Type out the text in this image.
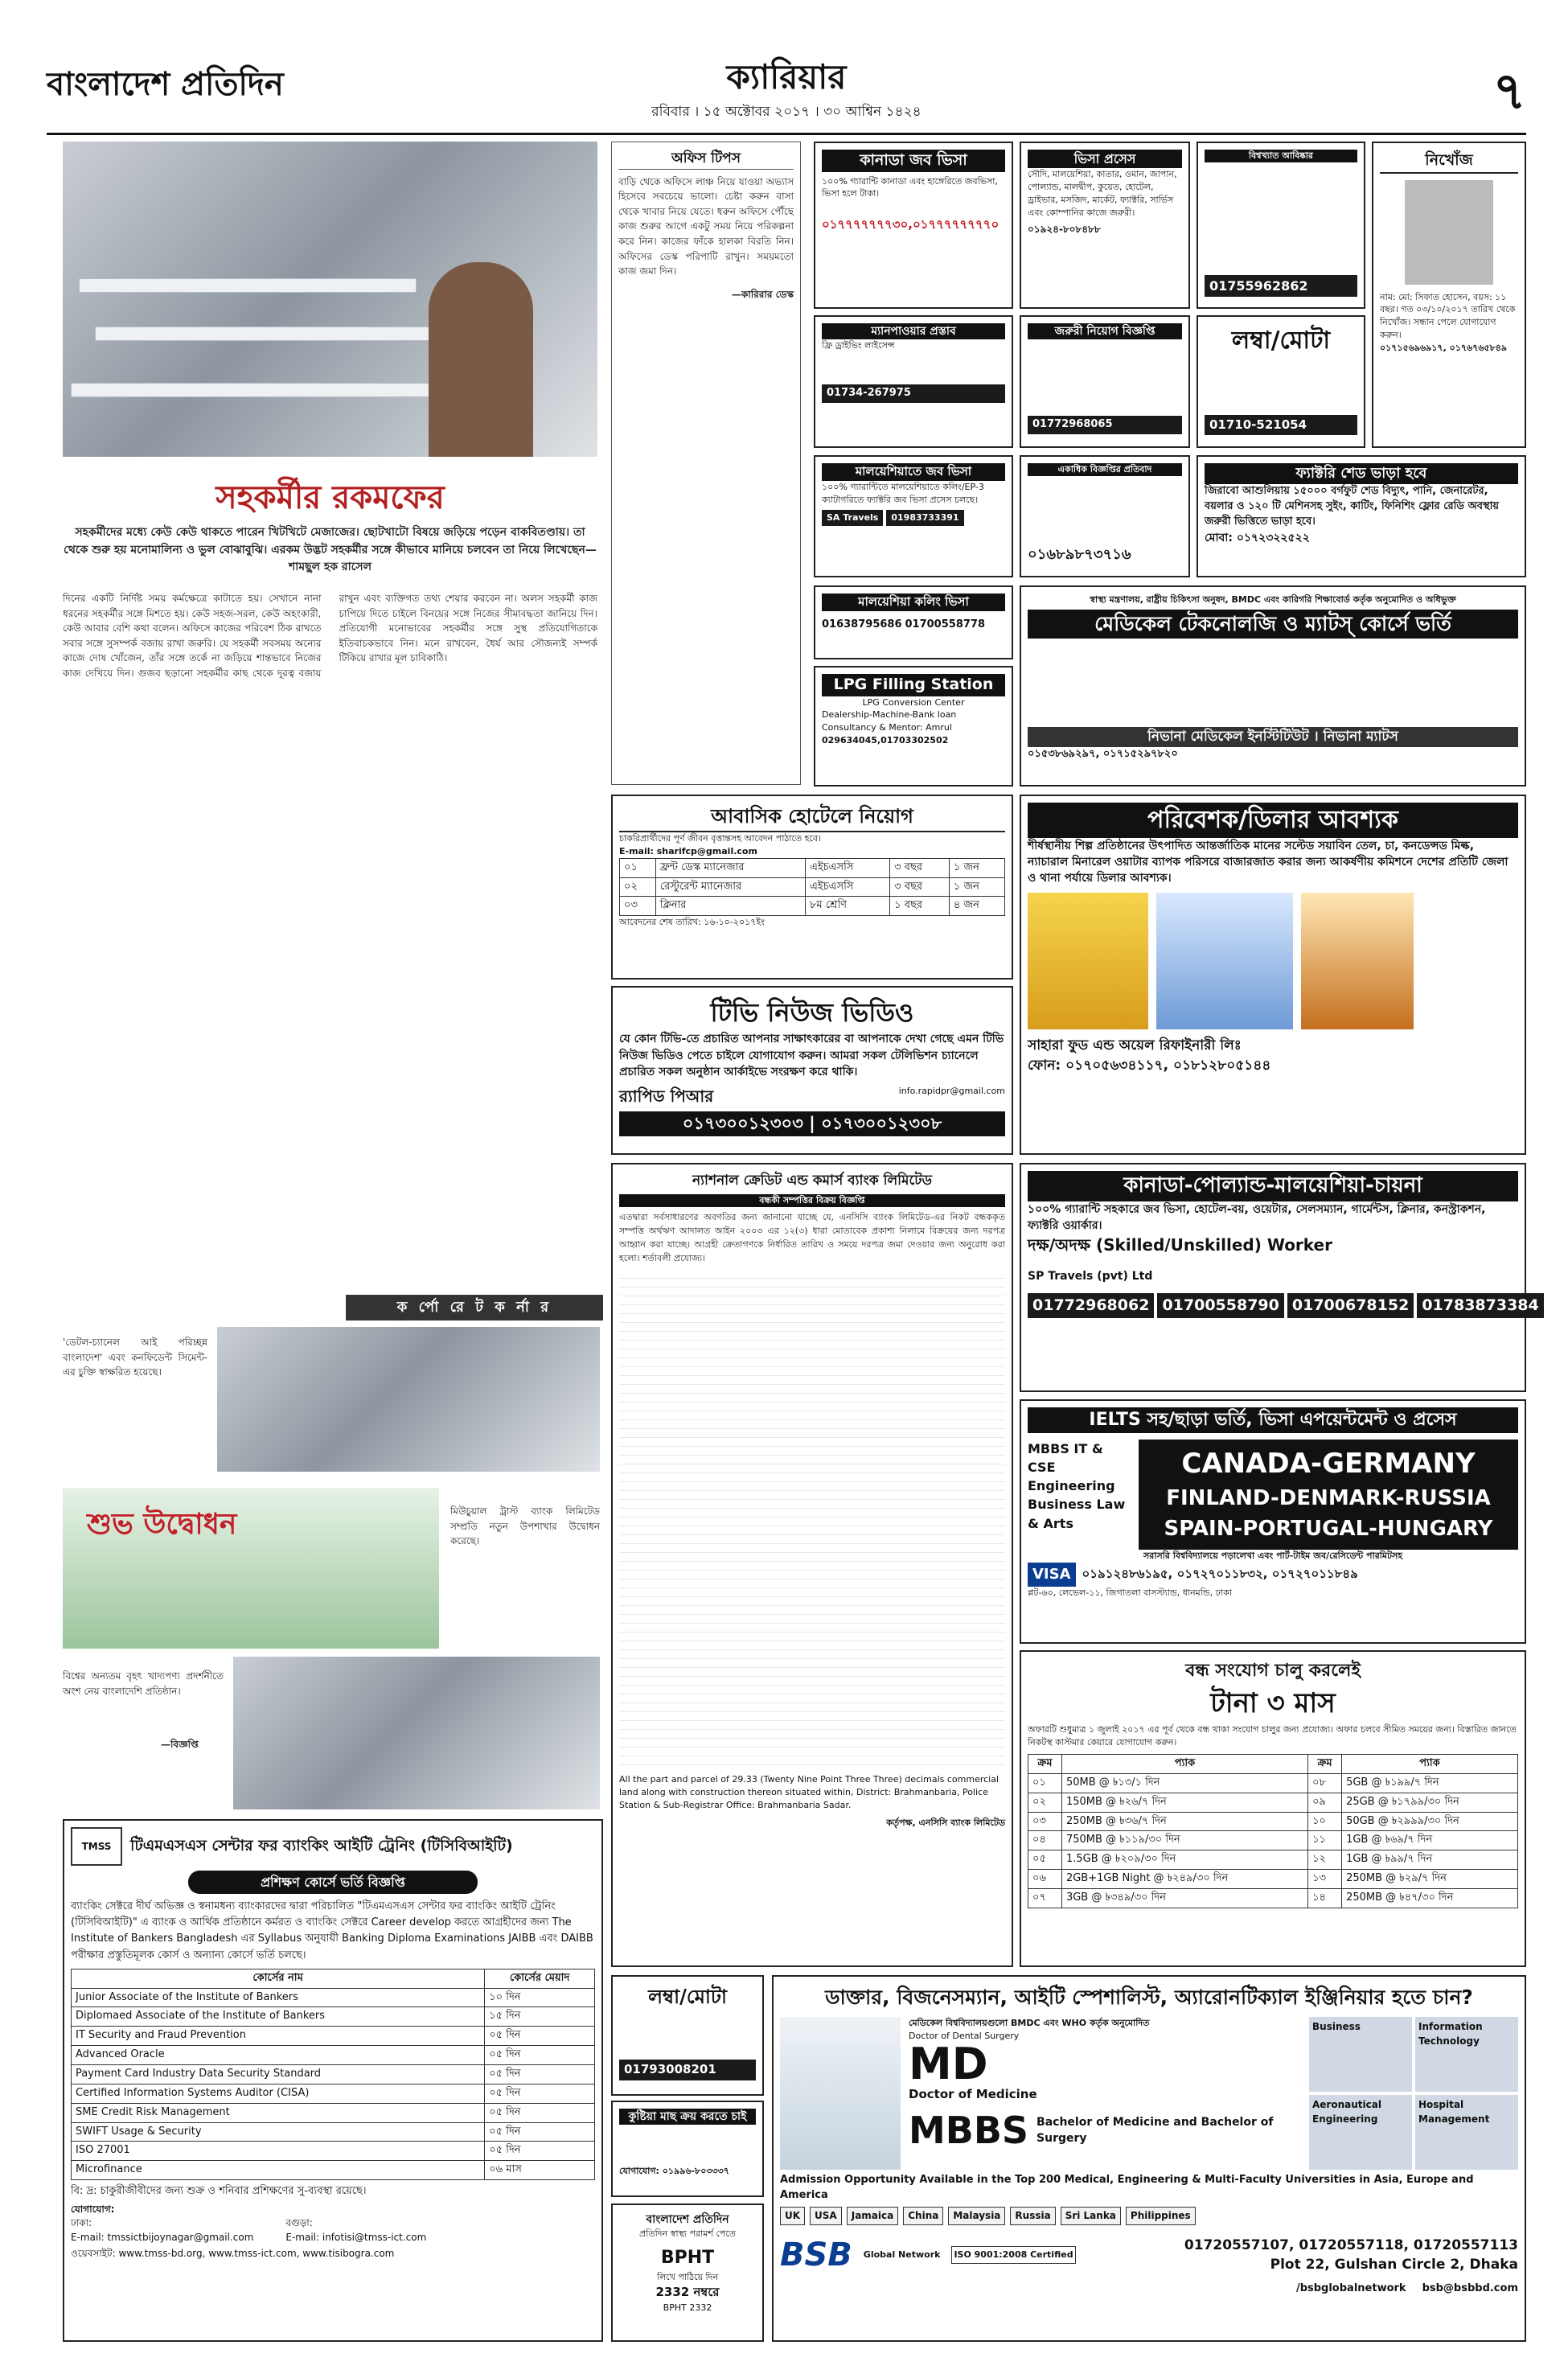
বাংলাদেশ প্রতিদিন	ক্যারিয়ার
রবিবার । ১৫ অক্টোবর ২০১৭ । ৩০ আশ্বিন ১৪২৪	৭
অফিস টিপস
বাড়ি থেকে অফিসে লাঞ্চ নিয়ে যাওয়া অভ্যাস হিসেবে সবচেয়ে ভালো। চেষ্টা করুন বাসা থেকে খাবার নিয়ে যেতে। ধরুন অফিসে পৌঁছে কাজ শুরুর আগে একটু সময় নিয়ে পরিকল্পনা করে নিন। কাজের ফাঁকে হালকা বিরতি নিন। অফিসের ডেস্ক পরিপাটি রাখুন। সময়মতো কাজ জমা দিন।
—কারিরার ডেস্ক
সহকর্মীর রকমফের
সহকর্মীদের মধ্যে কেউ কেউ থাকতে পারেন খিটখিটে মেজাজের। ছোটখাটো বিষয়ে জড়িয়ে পড়েন বাকবিতণ্ডায়। তা থেকে শুরু হয় মনোমালিন্য ও ভুল বোঝাবুঝি। এরকম উদ্ভট সহকর্মীর সঙ্গে কীভাবে মানিয়ে চলবেন তা নিয়ে লিখেছেন—শামছুল হক রাসেল
দিনের একটি নির্দিষ্ট সময় কর্মক্ষেত্রে কাটাতে হয়। সেখানে নানা ধরনের সহকর্মীর সঙ্গে মিশতে হয়। কেউ সহজ-সরল, কেউ অহংকারী, কেউ আবার বেশি কথা বলেন। অফিসে কাজের পরিবেশ ঠিক রাখতে সবার সঙ্গে সুসম্পর্ক বজায় রাখা জরুরি। যে সহকর্মী সবসময় অন্যের কাজে দোষ খোঁজেন, তাঁর সঙ্গে তর্কে না জড়িয়ে শান্তভাবে নিজের কাজ দেখিয়ে দিন। গুজব ছড়ানো সহকর্মীর কাছ থেকে দূরত্ব বজায় রাখুন এবং ব্যক্তিগত তথ্য শেয়ার করবেন না। অলস সহকর্মী কাজ চাপিয়ে দিতে চাইলে বিনয়ের সঙ্গে নিজের সীমাবদ্ধতা জানিয়ে দিন। প্রতিযোগী মনোভাবের সহকর্মীর সঙ্গে সুস্থ প্রতিযোগিতাকে ইতিবাচকভাবে নিন। মনে রাখবেন, ধৈর্য আর সৌজন্যই সম্পর্ক টিকিয়ে রাখার মূল চাবিকাঠি।
ক র্পো রে ট ক র্না র
'ডেটল-চ্যানেল আই পরিচ্ছন্ন বাংলাদেশ' এবং কনফিডেন্ট সিমেন্ট-এর চুক্তি স্বাক্ষরিত হয়েছে।
শুভ উদ্বোধন	মিউচুয়াল ট্রাস্ট ব্যাংক লিমিটেড সম্প্রতি নতুন উপশাখার উদ্বোধন করেছে।
বিশ্বের অন্যতম বৃহৎ খাদ্যপণ্য প্রদর্শনীতে অংশ নেয় বাংলাদেশি প্রতিষ্ঠান।
—বিজ্ঞপ্তি
TMSS	টিএমএসএস সেন্টার ফর ব্যাংকিং আইটি ট্রেনিং (টিসিবিআইটি)
প্রশিক্ষণ কোর্সে ভর্তি বিজ্ঞপ্তি
ব্যাংকিং সেক্টরে দীর্ঘ অভিজ্ঞ ও স্বনামধন্য ব্যাংকারদের দ্বারা পরিচালিত "টিএমএসএস সেন্টার ফর ব্যাংকিং আইটি ট্রেনিং (টিসিবিআইটি)" এ ব্যাংক ও আর্থিক প্রতিষ্ঠানে কর্মরত ও ব্যাংকিং সেক্টরে Career develop করতে আগ্রহীদের জন্য The Institute of Bankers Bangladesh এর Syllabus অনুযায়ী Banking Diploma Examinations JAIBB এবং DAIBB পরীক্ষার প্রস্তুতিমূলক কোর্স ও অন্যান্য কোর্সে ভর্তি চলছে।
কোর্সের নাম	কোর্সের মেয়াদ
Junior Associate of the Institute of Bankers	১০ দিন
Diplomaed Associate of the Institute of Bankers	১৫ দিন
IT Security and Fraud Prevention	০৫ দিন
Advanced Oracle	০৫ দিন
Payment Card Industry Data Security Standard	০৫ দিন
Certified Information Systems Auditor (CISA)	০৫ দিন
SME Credit Risk Management	০৫ দিন
SWIFT Usage & Security	০৫ দিন
ISO 27001	০৫ দিন
Microfinance	০৬ মাস
বি: দ্র: চাকুরীজীবীদের জন্য শুক্র ও শনিবার প্রশিক্ষণের সু-ব্যবস্থা রয়েছে।
যোগাযোগ:
ঢাকা:
E-mail: tmssictbijoynagar@gmail.com
বগুড়া:
E-mail: infotisi@tmss-ict.com
ওয়েবসাইট: www.tmss-bd.org, www.tmss-ict.com, www.tisibogra.com
কানাডা জব ভিসা
১০০% গ্যারান্টি কানাডা এবং হাঙ্গেরিতে জবভিসা, ভিসা হলে টাকা।
০১৭৭৭৭৭৭৭৩০,০১৭৭৭৭৭৭৭৭০
ম্যানপাওয়ার প্রস্তাব
ফ্রি ড্রাইভিং লাইসেন্স
01734-267975
মালয়েশিয়াতে জব ভিসা
১০০% গ্যারান্টিতে মালয়েশিয়াতে কলিং/EP-3 ক্যাটাগরিতে ফ্যাক্টরি জব ভিসা প্রসেস চলছে।
SA Travels	01983733391
মালয়েশিয়া কলিং ভিসা
01638795686 01700558778
LPG Filling Station
LPG Conversion Center
Dealership-Machine-Bank loan Consultancy & Mentor: Amrul
029634045,01703302502
ভিসা প্রসেস
সৌদি, মালয়েশিয়া, কাতার, ওমান, জাপান, পোল্যান্ড, মালদ্বীপ, কুয়েত, হোটেল, ড্রাইভার, মসজিদ, মার্কেট, ফ্যাক্টরি, সার্ভিস এবং কোম্পানির কাজে জরুরী।
০১৯২৪-৮০৮৪৮৮
জরুরী নিয়োগ বিজ্ঞপ্তি
01772968065
একাধিক বিজ্ঞপ্তির প্রতিবাদ
০১৬৮৯৮৭৩৭১৬
বিশ্বখ্যাত আবিষ্কার
01755962862
লম্বা/মোটা
01710-521054
নিখোঁজ
নাম: মো: সিফাত হোসেন, বয়স: ১১ বছর। গত ০৩/১০/২০১৭ তারিখ থেকে নিখোঁজ। সন্ধান পেলে যোগাযোগ করুন।
০১৭১৫৬৯৬৯১৭, ০১৭৬৭৬৫৮৪৯
ফ্যাক্টরি শেড ভাড়া হবে
জিরাবো আশুলিয়ায় ১৫০০০ বর্গফুট শেড বিদ্যুৎ, পানি, জেনারেটর, বয়লার ও ১২০ টি মেশিনসহ সুইং, কাটিং, ফিনিশিং ফ্লোর রেডি অবস্থায় জরুরী ভিত্তিতে ভাড়া হবে।
মোবা: ০১৭২৩২২৫২২
স্বাস্থ্য মন্ত্রণালয়, রাষ্ট্রীয় চিকিৎসা অনুষদ, BMDC এবং কারিগরি শিক্ষাবোর্ড কর্তৃক অনুমোদিত ও অধিভুক্ত
মেডিকেল টেকনোলজি ও ম্যাটস্ কোর্সে ভর্তি
নিভানা মেডিকেল ইনস্টিটিউট । নিভানা ম্যাটস
০১৫৩৮৬৯২৯৭, ০১৭১৫২৯৭৮২০
আবাসিক হোটেলে নিয়োগ
চাকরিপ্রার্থীদের পূর্ণ জীবন বৃত্তান্তসহ আবেদন পাঠাতে হবে।
E-mail: sharifcp@gmail.com
০১	ফ্রন্ট ডেস্ক ম্যানেজার	এইচএসসি	৩ বছর	১ জন
০২	রেস্টুরেন্ট ম্যানেজার	এইচএসসি	৩ বছর	১ জন
০৩	ক্লিনার	৮ম শ্রেণি	১ বছর	৪ জন
আবেদনের শেষ তারিখ: ১৬-১০-২০১৭ইং
টিভি নিউজ ভিডিও
যে কোন টিভি-তে প্রচারিত আপনার সাক্ষাৎকারের বা আপনাকে দেখা গেছে এমন টিভি নিউজ ভিডিও পেতে চাইলে যোগাযোগ করুন। আমরা সকল টেলিভিশন চ্যানেলে প্রচারিত সকল অনুষ্ঠান আর্কাইভে সংরক্ষণ করে থাকি।
র‍্যাপিড পিআর	info.rapidpr@gmail.com
০১৭৩০০১২৩০৩ | ০১৭৩০০১২৩০৮
পরিবেশক/ডিলার আবশ্যক
শীর্ষস্থানীয় শিল্প প্রতিষ্ঠানের উৎপাদিত আন্তর্জাতিক মানের সল্টেড সয়াবিন তেল, চা, কনডেন্সড মিল্ক, ন্যাচারাল মিনারেল ওয়াটার ব্যাপক পরিসরে বাজারজাত করার জন্য আকর্ষণীয় কমিশনে দেশের প্রতিটি জেলা ও থানা পর্যায়ে ডিলার আবশ্যক।
সাহারা ফুড এন্ড অয়েল রিফাইনারী লিঃ
ফোন: ০১৭০৫৬৩৪১১৭, ০১৮১২৮০৫১৪৪
ন্যাশনাল ক্রেডিট এন্ড কমার্স ব্যাংক লিমিটেড
বন্ধকী সম্পত্তির বিক্রয় বিজ্ঞপ্তি
এতদ্বারা সর্বসাধারণের অবগতির জন্য জানানো যাচ্ছে যে, এনসিসি ব্যাংক লিমিটেড-এর নিকট বন্ধককৃত সম্পত্তি অর্থঋণ আদালত আইন ২০০৩ এর ১২(৩) ধারা মোতাবেক প্রকাশ্য নিলামে বিক্রয়ের জন্য দরপত্র আহ্বান করা যাচ্ছে। আগ্রহী ক্রেতাগণকে নির্ধারিত তারিখ ও সময়ে দরপত্র জমা দেওয়ার জন্য অনুরোধ করা হলো। শর্তাবলী প্রযোজ্য।
All the part and parcel of 29.33 (Twenty Nine Point Three Three) decimals commercial land along with construction thereon situated within, District: Brahmanbaria, Police Station & Sub-Registrar Office: Brahmanbaria Sadar.
কর্তৃপক্ষ, এনসিসি ব্যাংক লিমিটেড
কানাডা-পোল্যান্ড-মালয়েশিয়া-চায়না
১০০% গ্যারান্টি সহকারে জব ভিসা, হোটেল-বয়, ওয়েটার, সেলসম্যান, গার্মেন্টস, ক্লিনার, কনস্ট্রাকশন, ফ্যাক্টরি ওয়ার্কার।
দক্ষ/অদক্ষ (Skilled/Unskilled) Worker
SP Travels (pvt) Ltd
01772968062 01700558790 01700678152 01783873384
IELTS সহ/ছাড়া ভর্তি, ভিসা এপয়েন্টমেন্ট ও প্রসেস
MBBS IT & CSE Engineering Business Law & Arts
CANADA-GERMANY
FINLAND-DENMARK-RUSSIA
SPAIN-PORTUGAL-HUNGARY
সরাসরি বিশ্ববিদ্যালয়ে পড়ালেখা এবং পার্ট-টাইম জব/রেসিডেন্ট পারমিটসহ
VISA ০১৯১২৪৮৬১৯৫, ০১৭২৭০১১৮৩২, ০১৭২৭০১১৮৪৯
প্লট-৬০, লেভেল-১১, জিগাতলা বাসস্ট্যান্ড, ধানমন্ডি, ঢাকা
বন্ধ সংযোগ চালু করলেই
টানা ৩ মাস
অফারটি শুধুমাত্র ১ জুলাই ২০১৭ এর পূর্ব থেকে বন্ধ থাকা সংযোগ চালুর জন্য প্রযোজ্য। অফার চলবে সীমিত সময়ের জন্য। বিস্তারিত জানতে নিকটস্থ কাস্টমার কেয়ারে যোগাযোগ করুন।
ক্রম	প্যাক	ক্রম	প্যাক
০১	50MB @ ৳১৩/১ দিন	০৮	5GB @ ৳১৯৯/৭ দিন
০২	150MB @ ৳২৬/৭ দিন	০৯	25GB @ ৳১৭৯৯/৩০ দিন
০৩	250MB @ ৳৩৬/৭ দিন	১০	50GB @ ৳২৯৯৯/৩০ দিন
০৪	750MB @ ৳১১৯/৩০ দিন	১১	1GB @ ৳৬৯/৭ দিন
০৫	1.5GB @ ৳২০৯/৩০ দিন	১২	1GB @ ৳৯৯/৭ দিন
০৬	2GB+1GB Night @ ৳২৪৯/৩০ দিন	১৩	250MB @ ৳২৯/৭ দিন
০৭	3GB @ ৳৩৪৯/৩০ দিন	১৪	250MB @ ৳৪৭/৩০ দিন
লম্বা/মোটা
01793008201
কুষ্টিয়া মাছ ক্রয় করতে চাই
যোগাযোগ: ০১৯৯৬-৮০৩৩৩৭
বাংলাদেশ প্রতিদিন
প্রতিদিন স্বাস্থ্য পরামর্শ পেতে
BPHT
লিখে পাঠিয়ে দিন
2332 নম্বরে
BPHT 2332
ডাক্তার, বিজনেসম্যান, আইটি স্পেশালিস্ট, অ্যারোনটিক্যাল ইঞ্জিনিয়ার হতে চান?
মেডিকেল বিশ্ববিদ্যালয়গুলো BMDC এবং WHO কর্তৃক অনুমোদিত
Doctor of Dental Surgery
MD
Doctor of Medicine
MBBS Bachelor of Medicine and Bachelor of Surgery
Business	Information Technology
Aeronautical Engineering
Hospital Management
Admission Opportunity Available in the Top 200 Medical, Engineering & Multi-Faculty Universities in Asia, Europe and America
UK	USA	Jamaica	China	Malaysia	Russia	Sri Lanka	Philippines
BSB Global Network ISO 9001:2008 Certified
01720557107, 01720557118, 01720557113
Plot 22, Gulshan Circle 2, Dhaka
/bsbglobalnetwork bsb@bsbbd.com
